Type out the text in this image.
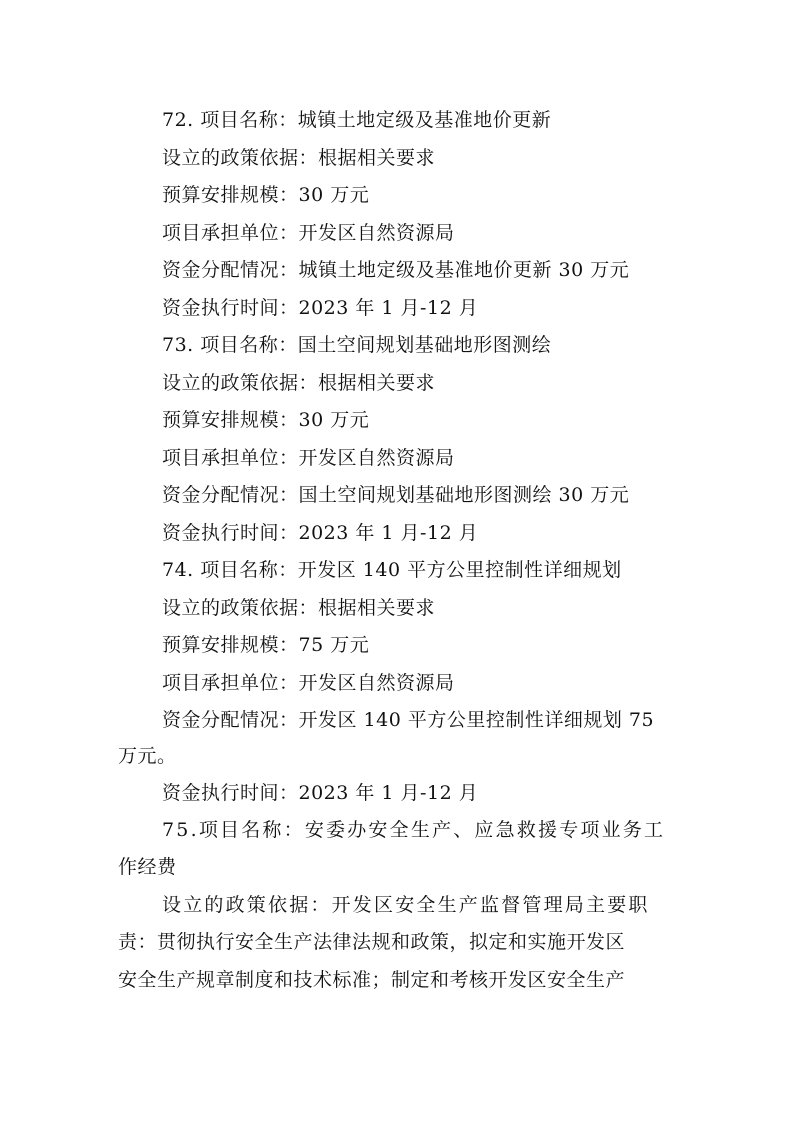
72. 项目名称：城镇土地定级及基准地价更新
设立的政策依据：根据相关要求
预算安排规模：30 万元
项目承担单位：开发区自然资源局
资金分配情况：城镇土地定级及基准地价更新 30 万元
资金执行时间：2023 年 1 月-12 月
73. 项目名称：国土空间规划基础地形图测绘
设立的政策依据：根据相关要求
预算安排规模：30 万元
项目承担单位：开发区自然资源局
资金分配情况：国土空间规划基础地形图测绘 30 万元
资金执行时间：2023 年 1 月-12 月
74. 项目名称：开发区 140 平方公里控制性详细规划
设立的政策依据：根据相关要求
预算安排规模：75 万元
项目承担单位：开发区自然资源局
资金分配情况：开发区 140 平方公里控制性详细规划 75
万元。
资金执行时间：2023 年 1 月-12 月
75.项目名称：安委办安全生产、应急救援专项业务工
作经费
设立的政策依据：开发区安全生产监督管理局主要职
责：贯彻执行安全生产法律法规和政策，拟定和实施开发区
安全生产规章制度和技术标准；制定和考核开发区安全生产
